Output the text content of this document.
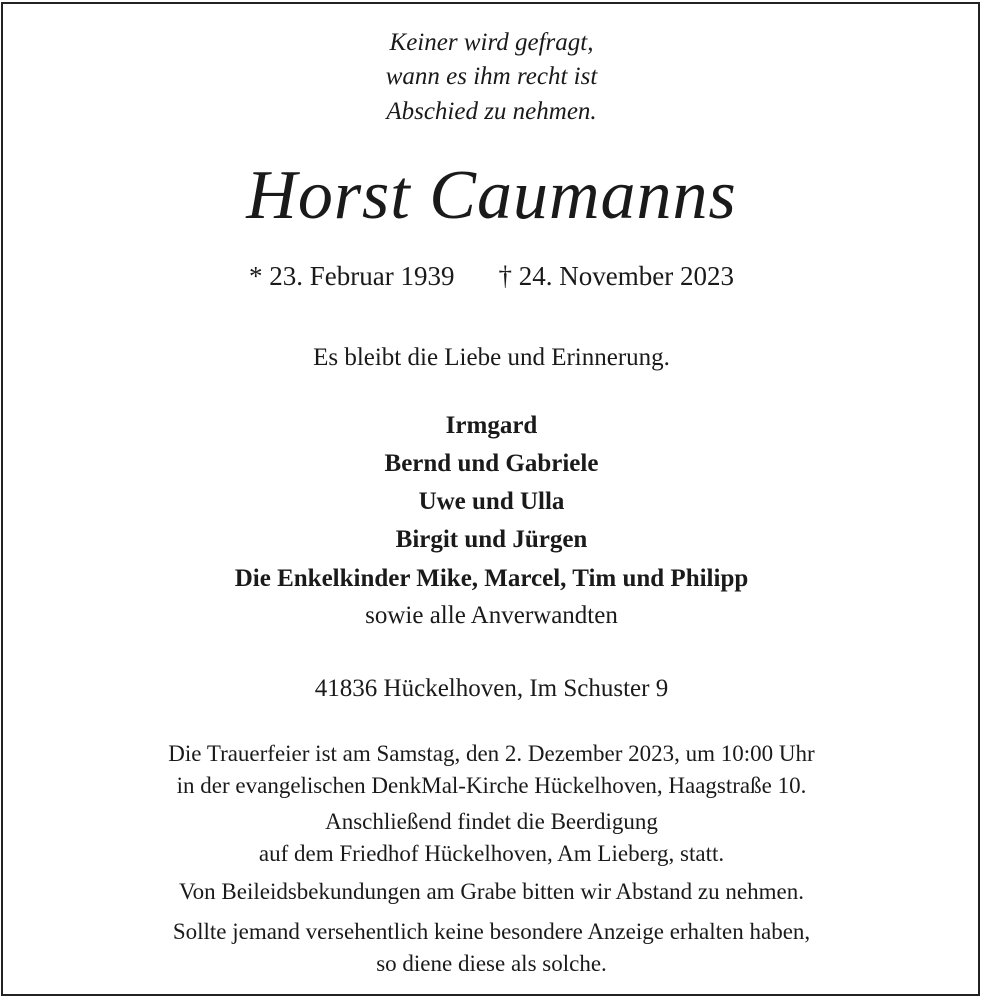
Keiner wird gefragt,
wann es ihm recht ist
Abschied zu nehmen.
Horst Caumanns
* 23. Februar 1939 † 24. November 2023
Es bleibt die Liebe und Erinnerung.
Irmgard
Bernd und Gabriele
Uwe und Ulla
Birgit und Jürgen
Die Enkelkinder Mike, Marcel, Tim und Philipp
sowie alle Anverwandten
41836 Hückelhoven, Im Schuster 9
Die Trauerfeier ist am Samstag, den 2. Dezember 2023, um 10:00 Uhr
in der evangelischen DenkMal-Kirche Hückelhoven, Haagstraße 10.
Anschließend findet die Beerdigung
auf dem Friedhof Hückelhoven, Am Lieberg, statt.
Von Beileidsbekundungen am Grabe bitten wir Abstand zu nehmen.
Sollte jemand versehentlich keine besondere Anzeige erhalten haben,
so diene diese als solche.
